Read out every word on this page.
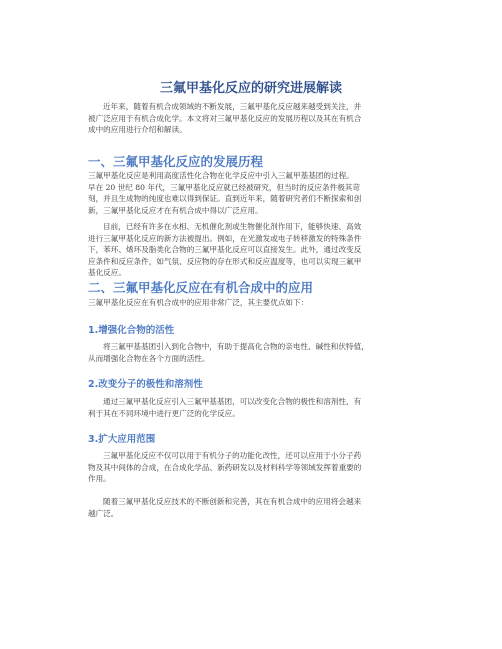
三氟甲基化反应的研究进展解读
近年来，随着有机合成领域的不断发展，三氟甲基化反应越来越受到关注，并
被广泛应用于有机合成化学。本文将对三氟甲基化反应的发展历程以及其在有机合
成中的应用进行介绍和解读。
一、三氟甲基化反应的发展历程
三氟甲基化反应是利用高度活性化合物在化学反应中引入三氟甲基基团的过程。
早在 20 世纪 80 年代，三氟甲基化反应就已经被研究，但当时的反应条件极其苛
刻，并且生成物的纯度也难以得到保证。直到近年来，随着研究者们不断探索和创
新，三氟甲基化反应才在有机合成中得以广泛应用。
目前，已经有许多在水相、无机催化剂或生物催化剂作用下，能够快速、高效
进行三氟甲基化反应的新方法被提出。例如，在光激发或电子转移激发的特殊条件
下，苯环、烯环及脂类化合物的三氟甲基化反应可以直接发生。此外，通过改变反
应条件和反应条件，如气氛、反应物的存在形式和反应温度等，也可以实现三氟甲
基化反应。
二、三氟甲基化反应在有机合成中的应用
三氟甲基化反应在有机合成中的应用非常广泛，其主要优点如下：
1.增强化合物的活性
将三氟甲基基团引入到化合物中，有助于提高化合物的亲电性、碱性和伏特值，
从而增强化合物在各个方面的活性。
2.改变分子的极性和溶剂性
通过三氟甲基化反应引入三氟甲基基团，可以改变化合物的极性和溶剂性，有
利于其在不同环境中进行更广泛的化学反应。
3.扩大应用范围
三氟甲基化反应不仅可以用于有机分子的功能化改性，还可以应用于小分子药
物及其中间体的合成，在合成化学品、新药研发以及材料科学等领域发挥着重要的
作用。
随着三氟甲基化反应技术的不断创新和完善，其在有机合成中的应用将会越来
越广泛。
